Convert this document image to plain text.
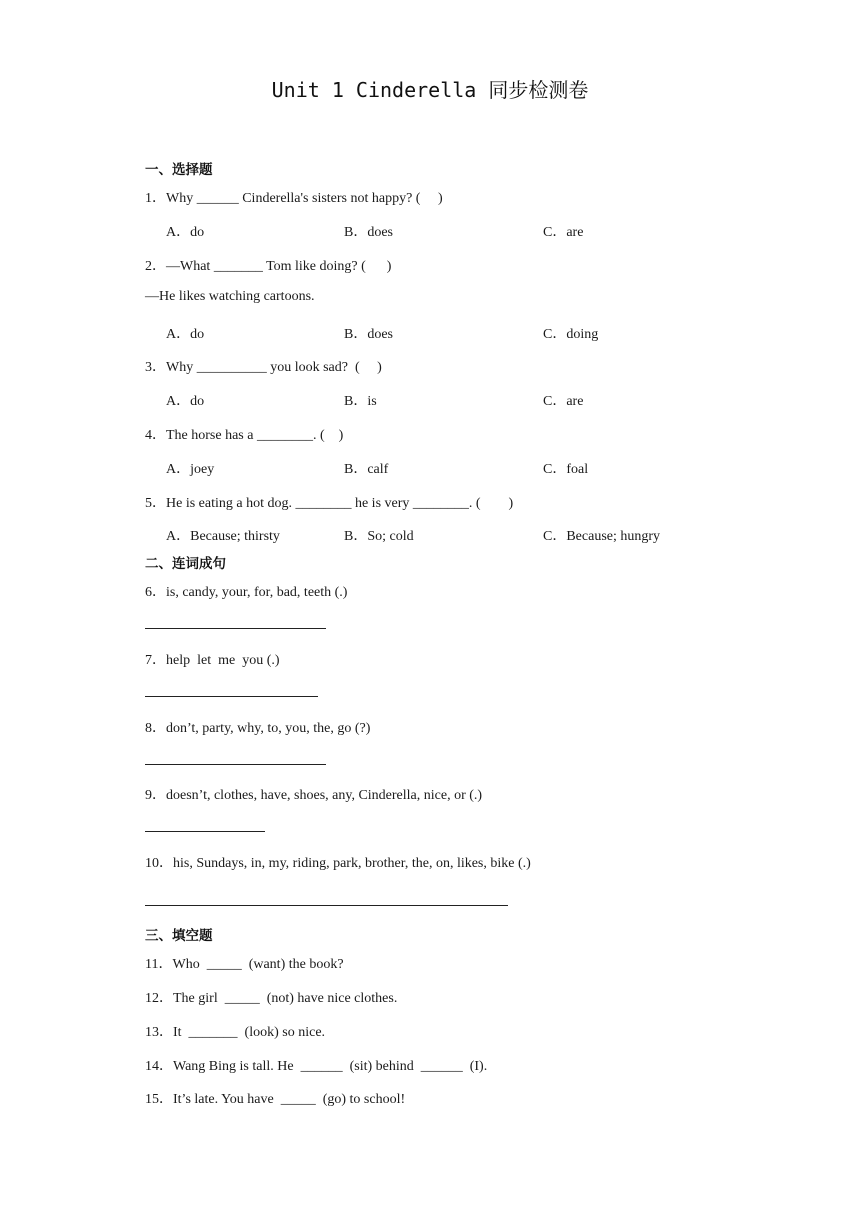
Unit 1 Cinderella 同步检测卷
一、选择题
1．Why ______ Cinderella's sisters not happy? (     )
A．do	B．does	C．are
2．—What _______ Tom like doing? (      )
—He likes watching cartoons.
A．do	B．does	C．doing
3．Why __________ you look sad?  (     )
A．do	B．is	C．are
4．The horse has a ________. (    )
A．joey	B．calf	C．foal
5．He is eating a hot dog. ________ he is very ________. (        )
A．Because; thirsty	B．So; cold	C．Because; hungry
二、连词成句
6．is, candy, your, for, bad, teeth (.)
7．help  let  me  you (.)
8．don’t, party, why, to, you, the, go (?)
9．doesn’t, clothes, have, shoes, any, Cinderella, nice, or (.)
10．his, Sundays, in, my, riding, park, brother, the, on, likes, bike (.)
三、填空题
11．Who  _____  (want) the book?
12．The girl  _____  (not) have nice clothes.
13．It  _______  (look) so nice.
14．Wang Bing is tall. He  ______  (sit) behind  ______  (I).
15．It’s late. You have  _____  (go) to school!
